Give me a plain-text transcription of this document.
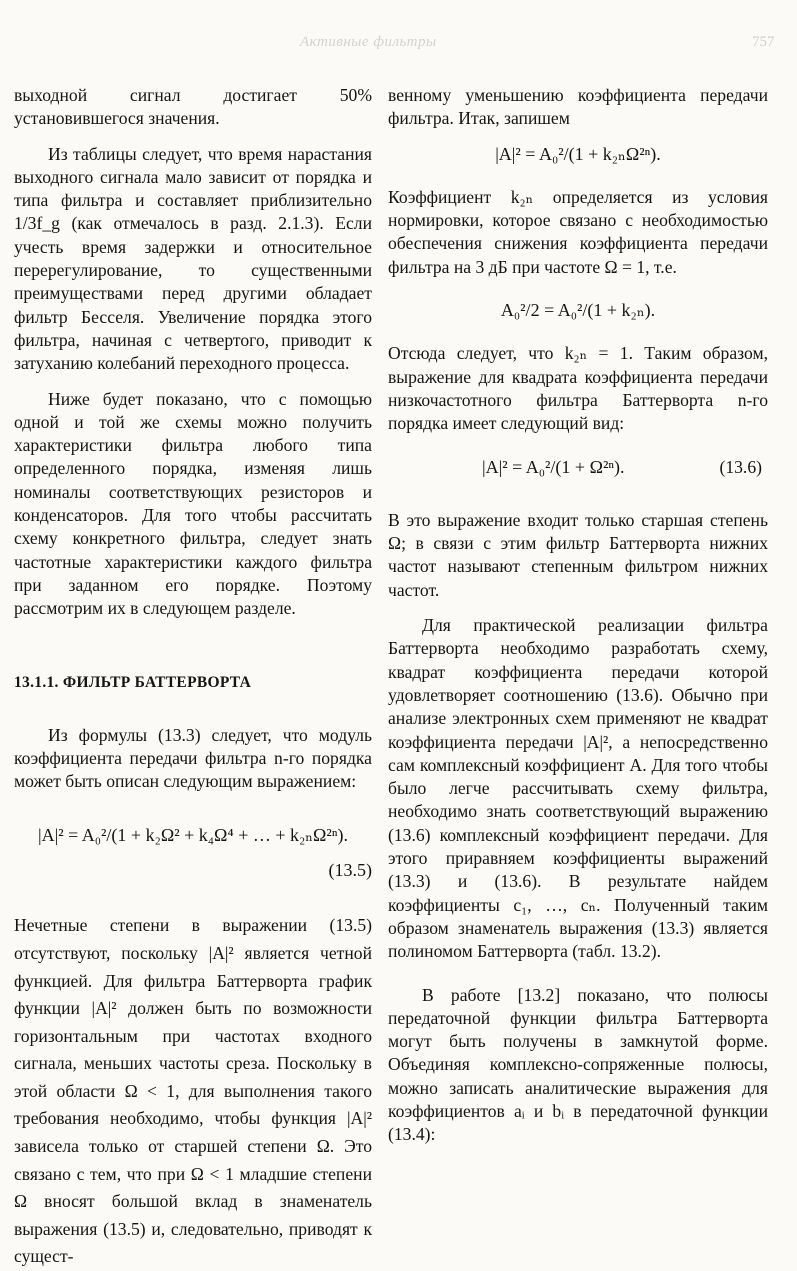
Активные фильтры	757

выходной сигнал достигает 50% установившегося значения.

Из таблицы следует, что время нарастания выходного сигнала мало зависит от порядка и типа фильтра и составляет приблизительно 1/3f_g (как отмечалось в разд. 2.1.3). Если учесть время задержки и относительное перерегулирование, то существенными преимуществами перед другими обладает фильтр Бесселя. Увеличение порядка этого фильтра, начиная с четвертого, приводит к затуханию колебаний переходного процесса.

Ниже будет показано, что с помощью одной и той же схемы можно получить характеристики фильтра любого типа определенного порядка, изменяя лишь номиналы соответствующих резисторов и конденсаторов. Для того чтобы рассчитать схему конкретного фильтра, следует знать частотные характеристики каждого фильтра при заданном его порядке. Поэтому рассмотрим их в следующем разделе.

13.1.1. ФИЛЬТР БАТТЕРВОРТА

Из формулы (13.3) следует, что модуль коэффициента передачи фильтра n-го порядка может быть описан следующим выражением:

|A|² = A₀²/(1 + k₂Ω² + k₄Ω⁴ + … + k₂ₙΩ²ⁿ).

(13.5)

Нечетные степени в выражении (13.5) отсутствуют, поскольку |A|² является четной функцией. Для фильтра Баттерворта график функции |A|² должен быть по возможности горизонтальным при частотах входного сигнала, меньших частоты среза. Поскольку в этой области Ω < 1, для выполнения такого требования необходимо, чтобы функция |A|² зависела только от старшей степени Ω. Это связано с тем, что при Ω < 1 младшие степени Ω вносят большой вклад в знаменатель выражения (13.5) и, следовательно, приводят к сущест-

венному уменьшению коэффициента передачи фильтра. Итак, запишем

|A|² = A₀²/(1 + k₂ₙΩ²ⁿ).

Коэффициент k₂ₙ определяется из условия нормировки, которое связано с необходимостью обеспечения снижения коэффициента передачи фильтра на 3 дБ при частоте Ω = 1, т.е.

A₀²/2 = A₀²/(1 + k₂ₙ).

Отсюда следует, что k₂ₙ = 1. Таким образом, выражение для квадрата коэффициента передачи низкочастотного фильтра Баттерворта n-го порядка имеет следующий вид:

|A|² = A₀²/(1 + Ω²ⁿ).	(13.6)

В это выражение входит только старшая степень Ω; в связи с этим фильтр Баттерворта нижних частот называют степенным фильтром нижних частот.

Для практической реализации фильтра Баттерворта необходимо разработать схему, квадрат коэффициента передачи которой удовлетворяет соотношению (13.6). Обычно при анализе электронных схем применяют не квадрат коэффициента передачи |A|², а непосредственно сам комплексный коэффициент A. Для того чтобы было легче рассчитывать схему фильтра, необходимо знать соответствующий выражению (13.6) комплексный коэффициент передачи. Для этого приравняем коэффициенты выражений (13.3) и (13.6). В результате найдем коэффициенты c₁, …, cₙ. Полученный таким образом знаменатель выражения (13.3) является полиномом Баттерворта (табл. 13.2).

В работе [13.2] показано, что полюсы передаточной функции фильтра Баттерворта могут быть получены в замкнутой форме. Объединяя комплексно-сопряженные полюсы, можно записать аналитические выражения для коэффициентов aᵢ и bᵢ в передаточной функции (13.4):
